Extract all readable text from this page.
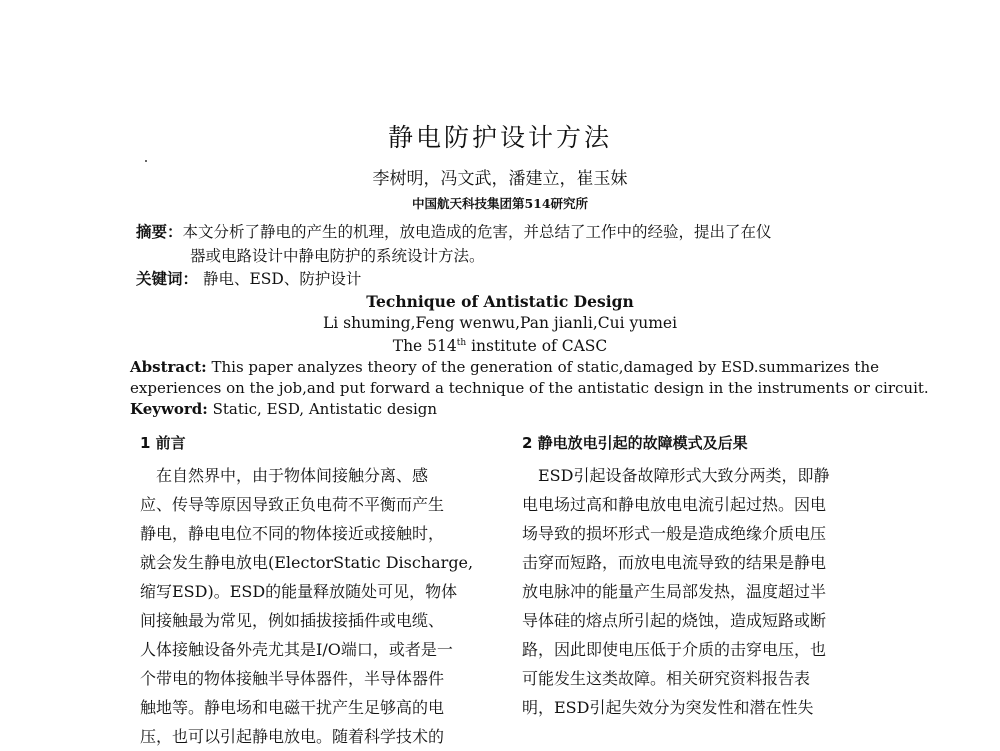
静电防护设计方法
李树明，冯文武，潘建立，崔玉妹
中国航天科技集团第514研究所
摘要：本文分析了静电的产生的机理，放电造成的危害，并总结了工作中的经验，提出了在仪
器或电路设计中静电防护的系统设计方法。
关键词： 静电、ESD、防护设计
Technique of Antistatic Design
Li shuming,Feng wenwu,Pan jianli,Cui yumei
The 514th institute of CASC
Abstract: This paper analyzes theory of the generation of static,damaged by ESD.summarizes the
experiences on the job,and put forward a technique of the antistatic design in the instruments or circuit.
Keyword: Static, ESD, Antistatic design
1 前言
　在自然界中，由于物体间接触分离、感
应、传导等原因导致正负电荷不平衡而产生
静电，静电电位不同的物体接近或接触时，
就会发生静电放电(ElectorStatic Discharge,
缩写ESD)。ESD的能量释放随处可见，物体
间接触最为常见，例如插拔接插件或电缆、
人体接触设备外壳尤其是I/O端口，或者是一
个带电的物体接触半导体器件，半导体器件
触地等。静电场和电磁干扰产生足够高的电
压，也可以引起静电放电。随着科学技术的
2 静电放电引起的故障模式及后果
　ESD引起设备故障形式大致分两类，即静
电电场过高和静电放电电流引起过热。因电
场导致的损坏形式一般是造成绝缘介质电压
击穿而短路，而放电电流导致的结果是静电
放电脉冲的能量产生局部发热，温度超过半
导体硅的熔点所引起的烧蚀，造成短路或断
路，因此即使电压低于介质的击穿电压，也
可能发生这类故障。相关研究资料报告表
明，ESD引起失效分为突发性和潜在性失
